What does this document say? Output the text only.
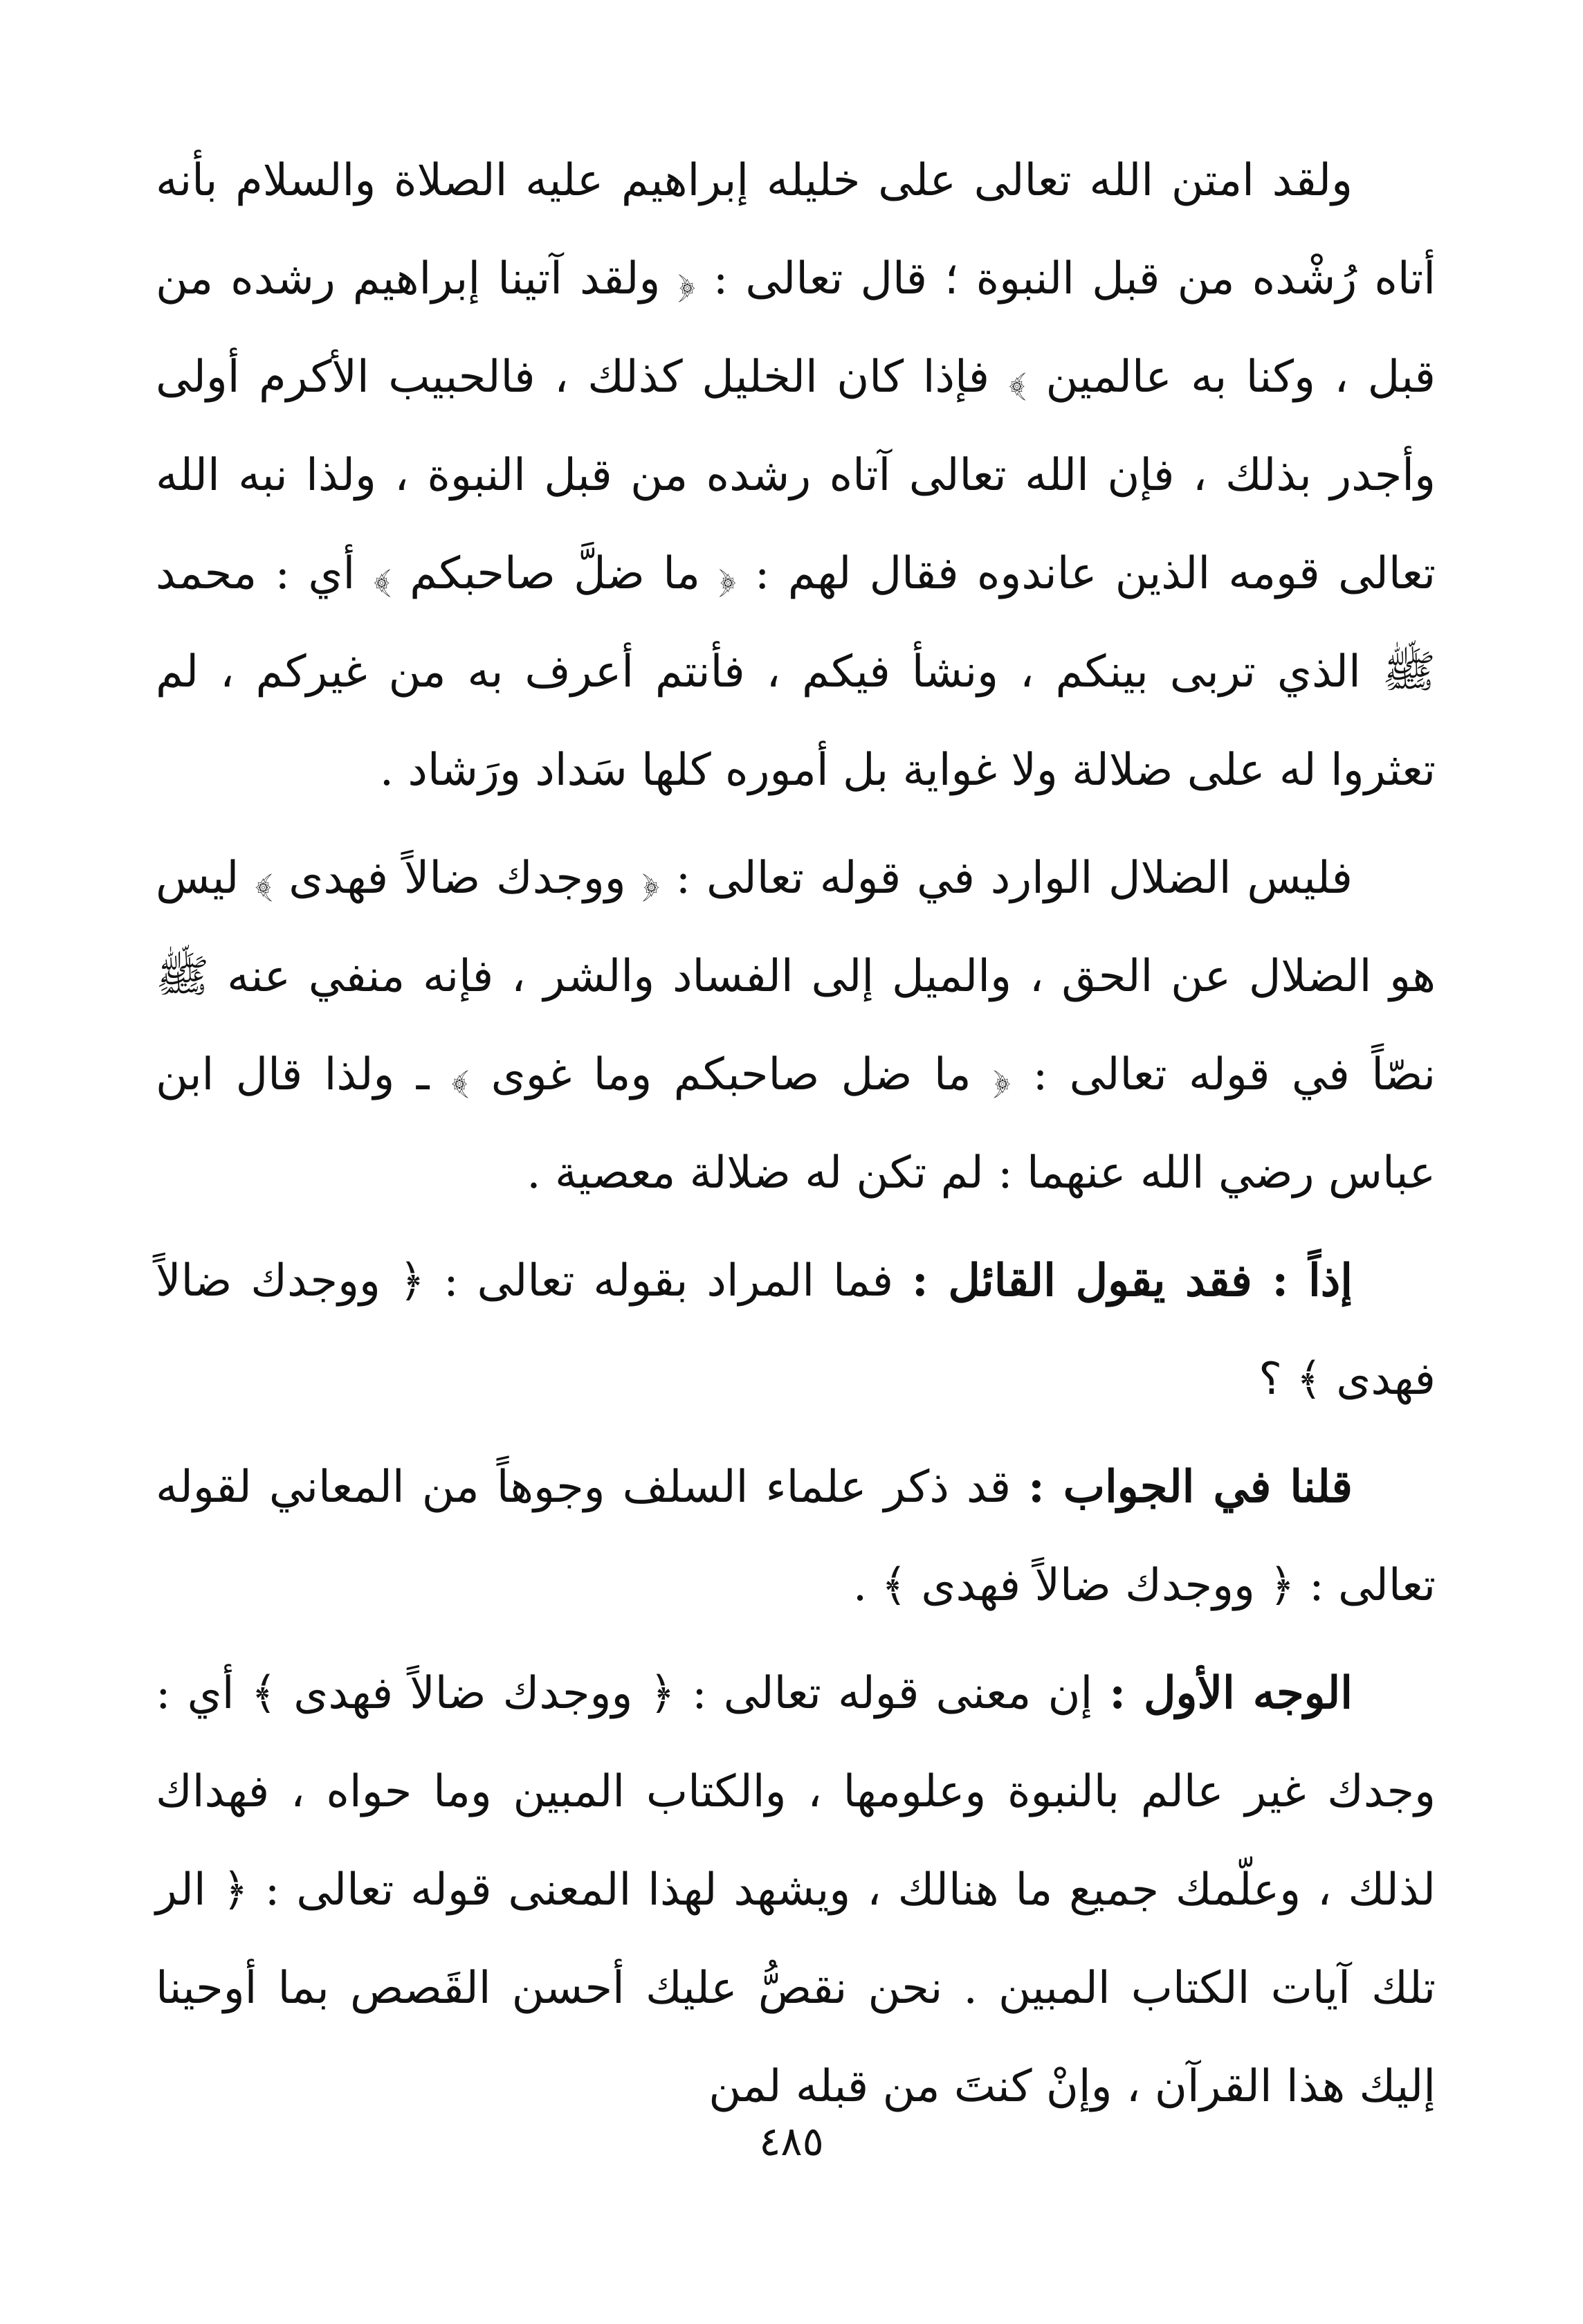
ولقد امتن الله تعالى على خليله إبراهيم عليه الصلاة والسلام بأنه أتاه رُشْده من قبل النبوة ؛ قال تعالى : ﴿ ولقد آتينا إبراهيم رشده من قبل ، وكنا به عالمين ﴾ فإذا كان الخليل كذلك ، فالحبيب الأكرم أولى وأجدر بذلك ، فإن الله تعالى آتاه رشده من قبل النبوة ، ولذا نبه الله تعالى قومه الذين عاندوه فقال لهم : ﴿ ما ضلَّ صاحبكم ﴾ أي : محمد ﷺ الذي تربى بينكم ، ونشأ فيكم ، فأنتم أعرف به من غيركم ، لم تعثروا له على ضلالة ولا غواية بل أموره كلها سَداد ورَشاد .

فليس الضلال الوارد في قوله تعالى : ﴿ ووجدك ضالاً فهدى ﴾ ليس هو الضلال عن الحق ، والميل إلى الفساد والشر ، فإنه منفي عنه ﷺ نصّاً في قوله تعالى : ﴿ ما ضل صاحبكم وما غوى ﴾ ـ ولذا قال ابن عباس رضي الله عنهما : لم تكن له ضلالة معصية .

إذاً : فقد يقول القائل : فما المراد بقوله تعالى : ﴿ ووجدك ضالاً فهدى ﴾ ؟

قلنا في الجواب : قد ذكر علماء السلف وجوهاً من المعاني لقوله تعالى : ﴿ ووجدك ضالاً فهدى ﴾ .

الوجه الأول : إن معنى قوله تعالى : ﴿ ووجدك ضالاً فهدى ﴾ أي : وجدك غير عالم بالنبوة وعلومها ، والكتاب المبين وما حواه ، فهداك لذلك ، وعلّمك جميع ما هنالك ، ويشهد لهذا المعنى قوله تعالى : ﴿ الر تلك آيات الكتاب المبين . نحن نقصُّ عليك أحسن القَصص بما أوحينا إليك هذا القرآن ، وإنْ كنتَ من قبله لمن

٤٨٥
